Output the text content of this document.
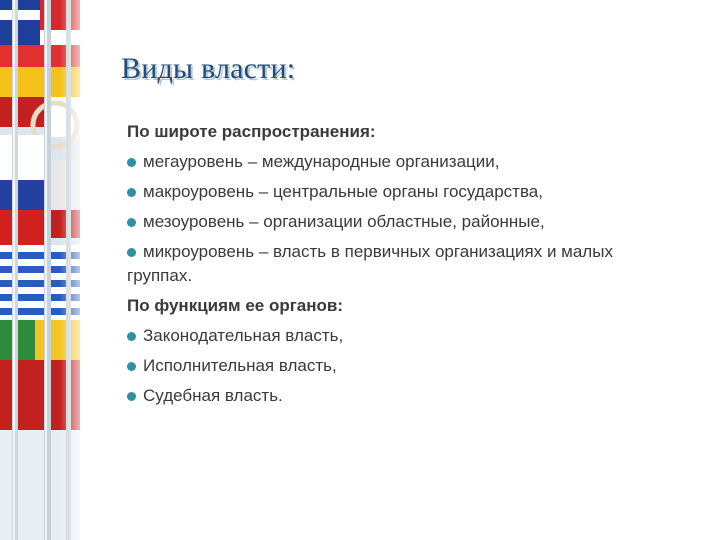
Виды власти:
По широте распространения:
мегауровень – международные организации,
макроуровень – центральные органы государства,
мезоуровень – организации областные, районные,
микроуровень – власть в первичных организациях и малых группах.
По функциям ее органов:
Законодательная власть,
Исполнительная власть,
Судебная власть.
